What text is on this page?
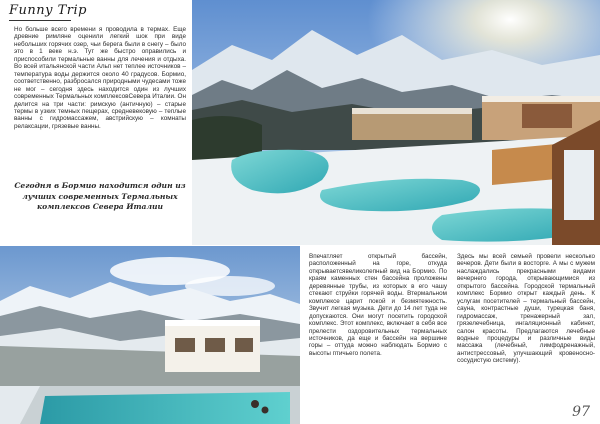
Funny Trip
Но больше всего времени я проводила в термах. Еще древние римляне оценили легкий шок при виде небольших горячих озер, чьи берега были в снегу – было это в 1 веке н.э. Тут же быстро оправились и приспособили термальные ванны для лечения и отдыха. Во всей итальянской части Альп нет теплее источников – температура воды держится около 40 градусов. Бормио, соответственно, разбросался природными чудесами тоже не мог – сегодня здесь находится один из лучших современных Термальных комплексовСевера Италии. Он делится на три части: римскую (античную) – старые термы в узких темных пещерах, средневековую – теплые ванны с гидромассажем, австрийскую – комнаты релаксации, грязевые ванны.
Сегодня в Бормио находится один из лучших современных Термальных комплексов Севера Италии
Впечатляет открытый бассейн, расположенный на горе, откуда открываетсявеликолепный вид на Бормио. По краям каменных стен бассейна проложены деревянные трубы, из которых в его чашу стекают струйки горячей воды. Втермальном комплексе царит покой и безмятежность. Звучит легкая музыка. Дети до 14 лет туда не допускаются. Они могут посетить городской комплекс. Этот комплекс, включает в себя все прелести оздоровительных термальных источников, да еще и бассейн на вершине горы – оттуда можно наблюдать Бормио с высоты птичьего полета.
Здесь мы всей семьей провели несколько вечеров. Дети были в восторге. А мы с мужем наслаждались прекрасными видами вечернего города, открывающимися из открытого бассейна. Городской термальный комплекс Бормио открыт каждый день. К услугам посетителей – термальный бассейн, сауна, контрастные души, турецкая баня, гидромассаж, тренажерный зал, грязелечебница, ингаляционный кабинет, салон красоты. Предлагаются лечебные водные процедуры и различные виды массажа (лечебный, лимфодренажный, антистрессовый, улучшающий кровеносно-сосудистую систему).
97
